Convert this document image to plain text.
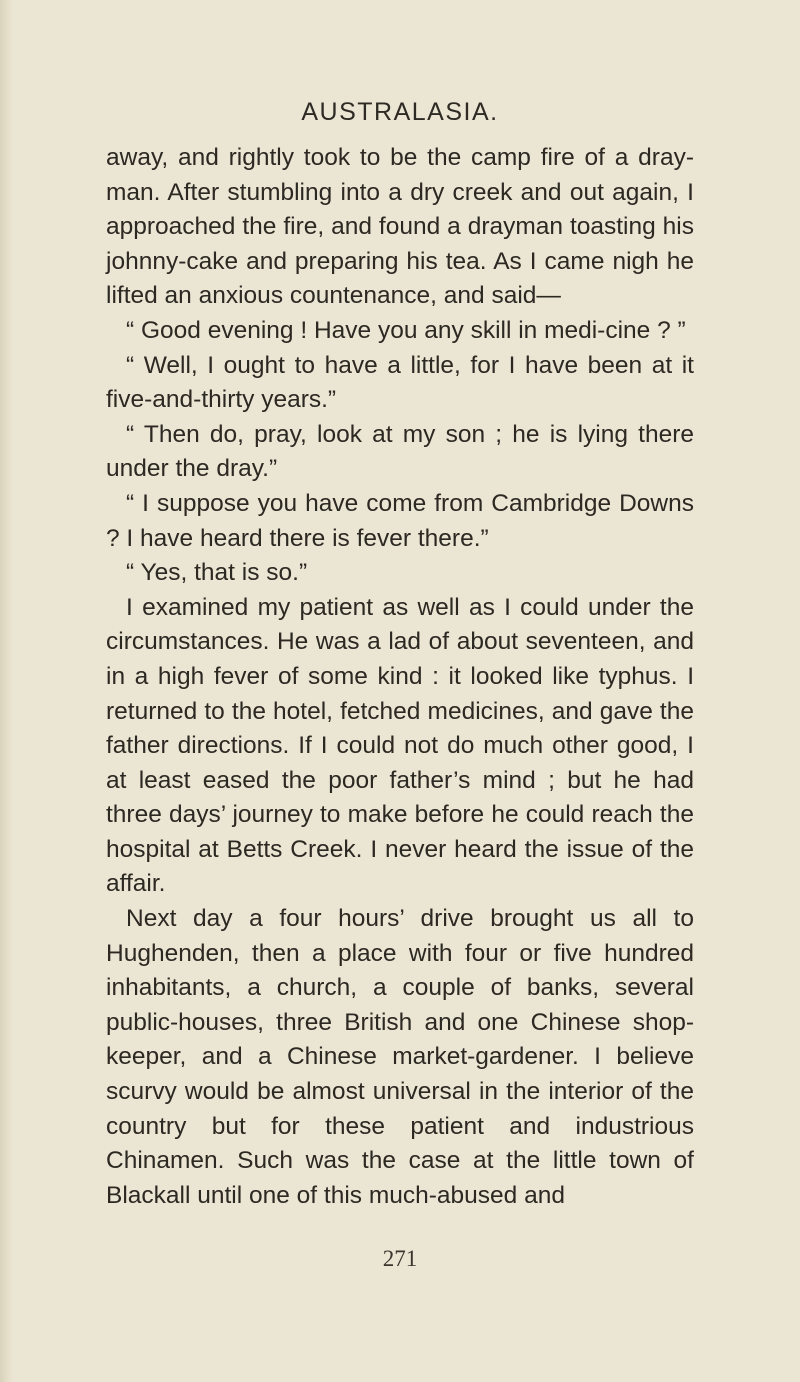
AUSTRALASIA.

away, and rightly took to be the camp fire of a dray-man. After stumbling into a dry creek and out again, I approached the fire, and found a drayman toasting his johnny-cake and preparing his tea. As I came nigh he lifted an anxious countenance, and said—

“ Good evening ! Have you any skill in medi-cine ? ”

“ Well, I ought to have a little, for I have been at it five-and-thirty years.”

“ Then do, pray, look at my son ; he is lying there under the dray.”

“ I suppose you have come from Cambridge Downs ? I have heard there is fever there.”

“ Yes, that is so.”

I examined my patient as well as I could under the circumstances. He was a lad of about seventeen, and in a high fever of some kind : it looked like typhus. I returned to the hotel, fetched medicines, and gave the father directions. If I could not do much other good, I at least eased the poor father’s mind ; but he had three days’ journey to make before he could reach the hospital at Betts Creek. I never heard the issue of the affair.

Next day a four hours’ drive brought us all to Hughenden, then a place with four or five hundred inhabitants, a church, a couple of banks, several public-houses, three British and one Chinese shop-keeper, and a Chinese market-gardener. I believe scurvy would be almost universal in the interior of the country but for these patient and industrious Chinamen. Such was the case at the little town of Blackall until one of this much-abused and

271
